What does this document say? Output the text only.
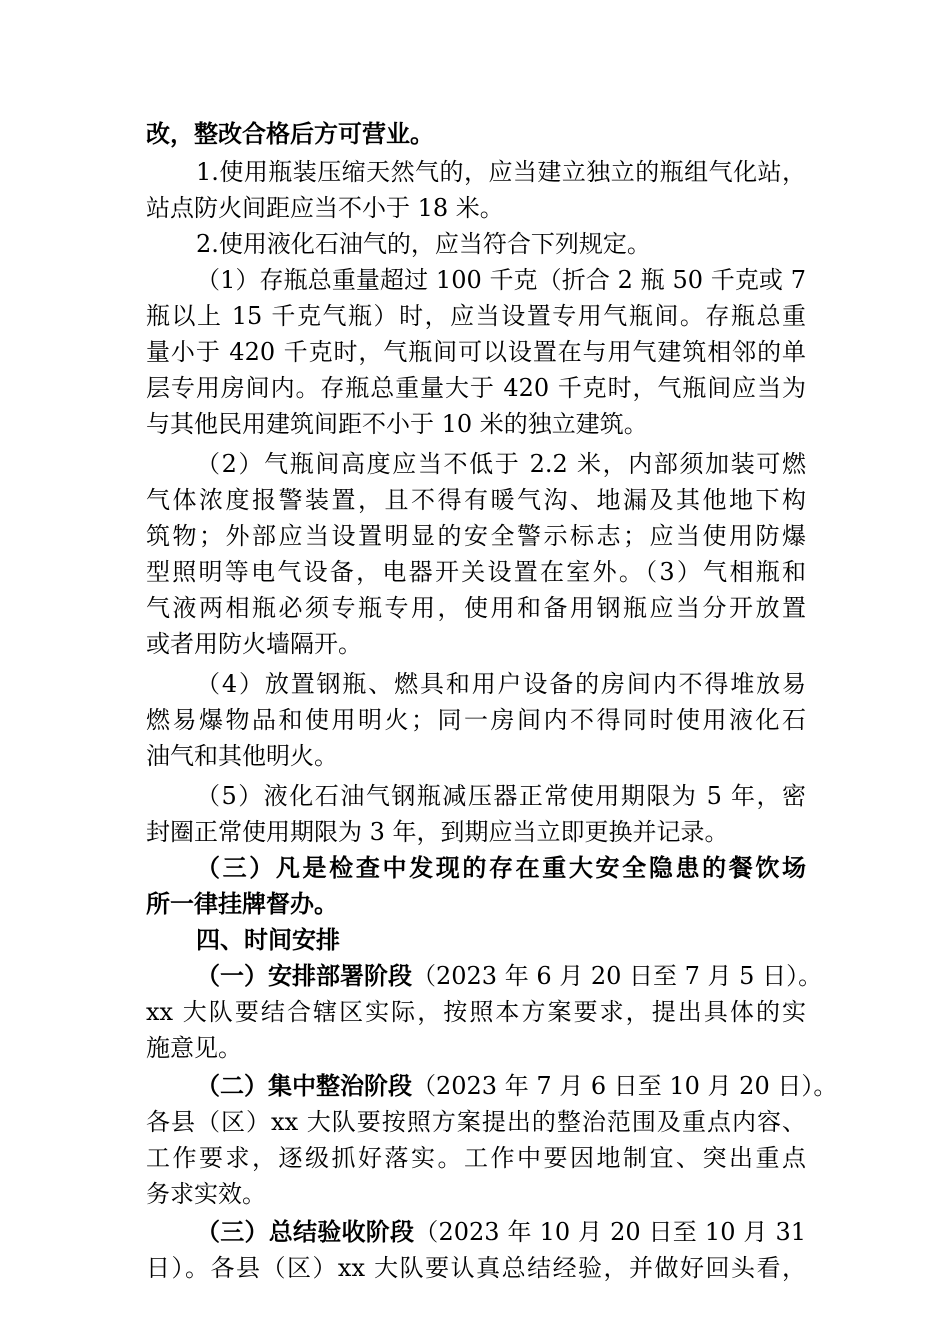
改，整改合格后方可营业。
1.使用瓶装压缩天然气的，应当建立独立的瓶组气化站，
站点防火间距应当不小于 18 米。
2.使用液化石油气的，应当符合下列规定。
（1）存瓶总重量超过 100 千克（折合 2 瓶 50 千克或 7
瓶以上 15 千克气瓶）时，应当设置专用气瓶间。存瓶总重
量小于 420 千克时，气瓶间可以设置在与用气建筑相邻的单
层专用房间内。存瓶总重量大于 420 千克时，气瓶间应当为
与其他民用建筑间距不小于 10 米的独立建筑。
（2）气瓶间高度应当不低于 2.2 米，内部须加装可燃
气体浓度报警装置，且不得有暖气沟、地漏及其他地下构
筑物；外部应当设置明显的安全警示标志；应当使用防爆
型照明等电气设备，电器开关设置在室外。（3）气相瓶和
气液两相瓶必须专瓶专用，使用和备用钢瓶应当分开放置
或者用防火墙隔开。
（4）放置钢瓶、燃具和用户设备的房间内不得堆放易
燃易爆物品和使用明火；同一房间内不得同时使用液化石
油气和其他明火。
（5）液化石油气钢瓶减压器正常使用期限为 5 年，密
封圈正常使用期限为 3 年，到期应当立即更换并记录。
（三）凡是检查中发现的存在重大安全隐患的餐饮场
所一律挂牌督办。
四、时间安排
（一）安排部署阶段（2023 年 6 月 20 日至 7 月 5 日）。
xx 大队要结合辖区实际，按照本方案要求，提出具体的实
施意见。
（二）集中整治阶段（2023 年 7 月 6 日至 10 月 20 日）。
各县（区）xx 大队要按照方案提出的整治范围及重点内容、
工作要求，逐级抓好落实。工作中要因地制宜、突出重点
务求实效。
（三）总结验收阶段（2023 年 10 月 20 日至 10 月 31
日）。各县（区）xx 大队要认真总结经验，并做好回头看，
